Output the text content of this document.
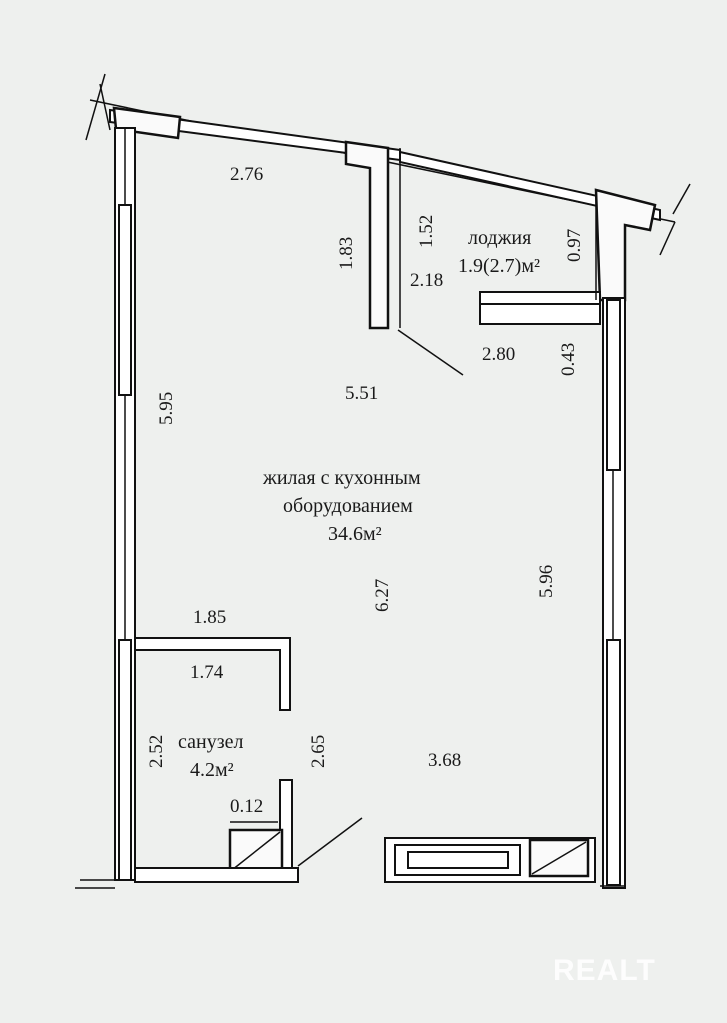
2.76
5.95
1.83
1.52
2.18
0.97
2.80 0.43
5.51
лоджия
1.9(2.7)м²
жилая с кухонным
оборудованием
34.6м²
6.27	5.96
1.85
1.74
2.52	2.65
санузел
4.2м²
0.12
3.68
REALT
